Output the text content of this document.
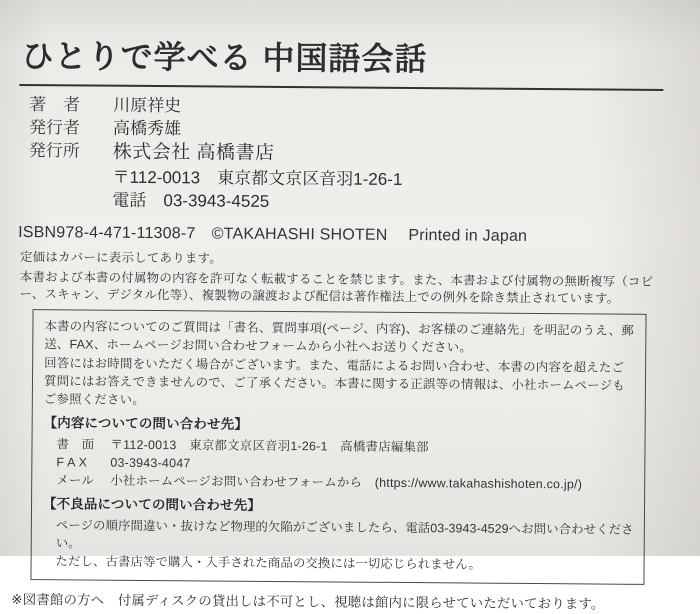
ひとりで学べる 中国語会話
著　者	川原祥史
発行者	高橋秀雄
発行所	株式会社 高橋書店
〒112-0013　東京都文京区音羽1-26-1
電話　03-3943-4525
ISBN978-4-471-11308-7　©TAKAHASHI SHOTEN　 Printed in Japan
定価はカバーに表示してあります。
本書および本書の付属物の内容を許可なく転載することを禁じます。また、本書および付属物の無断複写（コピー、スキャン、デジタル化等）、複製物の譲渡および配信は著作権法上での例外を除き禁止されています。

本書の内容についてのご質問は「書名、質問事項(ページ、内容)、お客様のご連絡先」を明記のうえ、郵送、FAX、ホームページお問い合わせフォームから小社へお送りください。

回答にはお時間をいただく場合がございます。また、電話によるお問い合わせ、本書の内容を超えたご質問にはお答えできませんので、ご了承ください。本書に関する正誤等の情報は、小社ホームページもご参照ください。

【内容についての問い合わせ先】
書　面	〒112-0013　東京都文京区音羽1-26-1　高橋書店編集部
F A X	03-3943-4047
メール	小社ホームページお問い合わせフォームから　(https://www.takahashishoten.co.jp/)
【不良品についての問い合わせ先】
ページの順序間違い・抜けなど物理的欠陥がございましたら、電話03-3943-4529へお問い合わせください。
ただし、古書店等で購入・入手された商品の交換には一切応じられません。
※図書館の方へ　付属ディスクの貸出しは不可とし、視聴は館内に限らせていただいております。
